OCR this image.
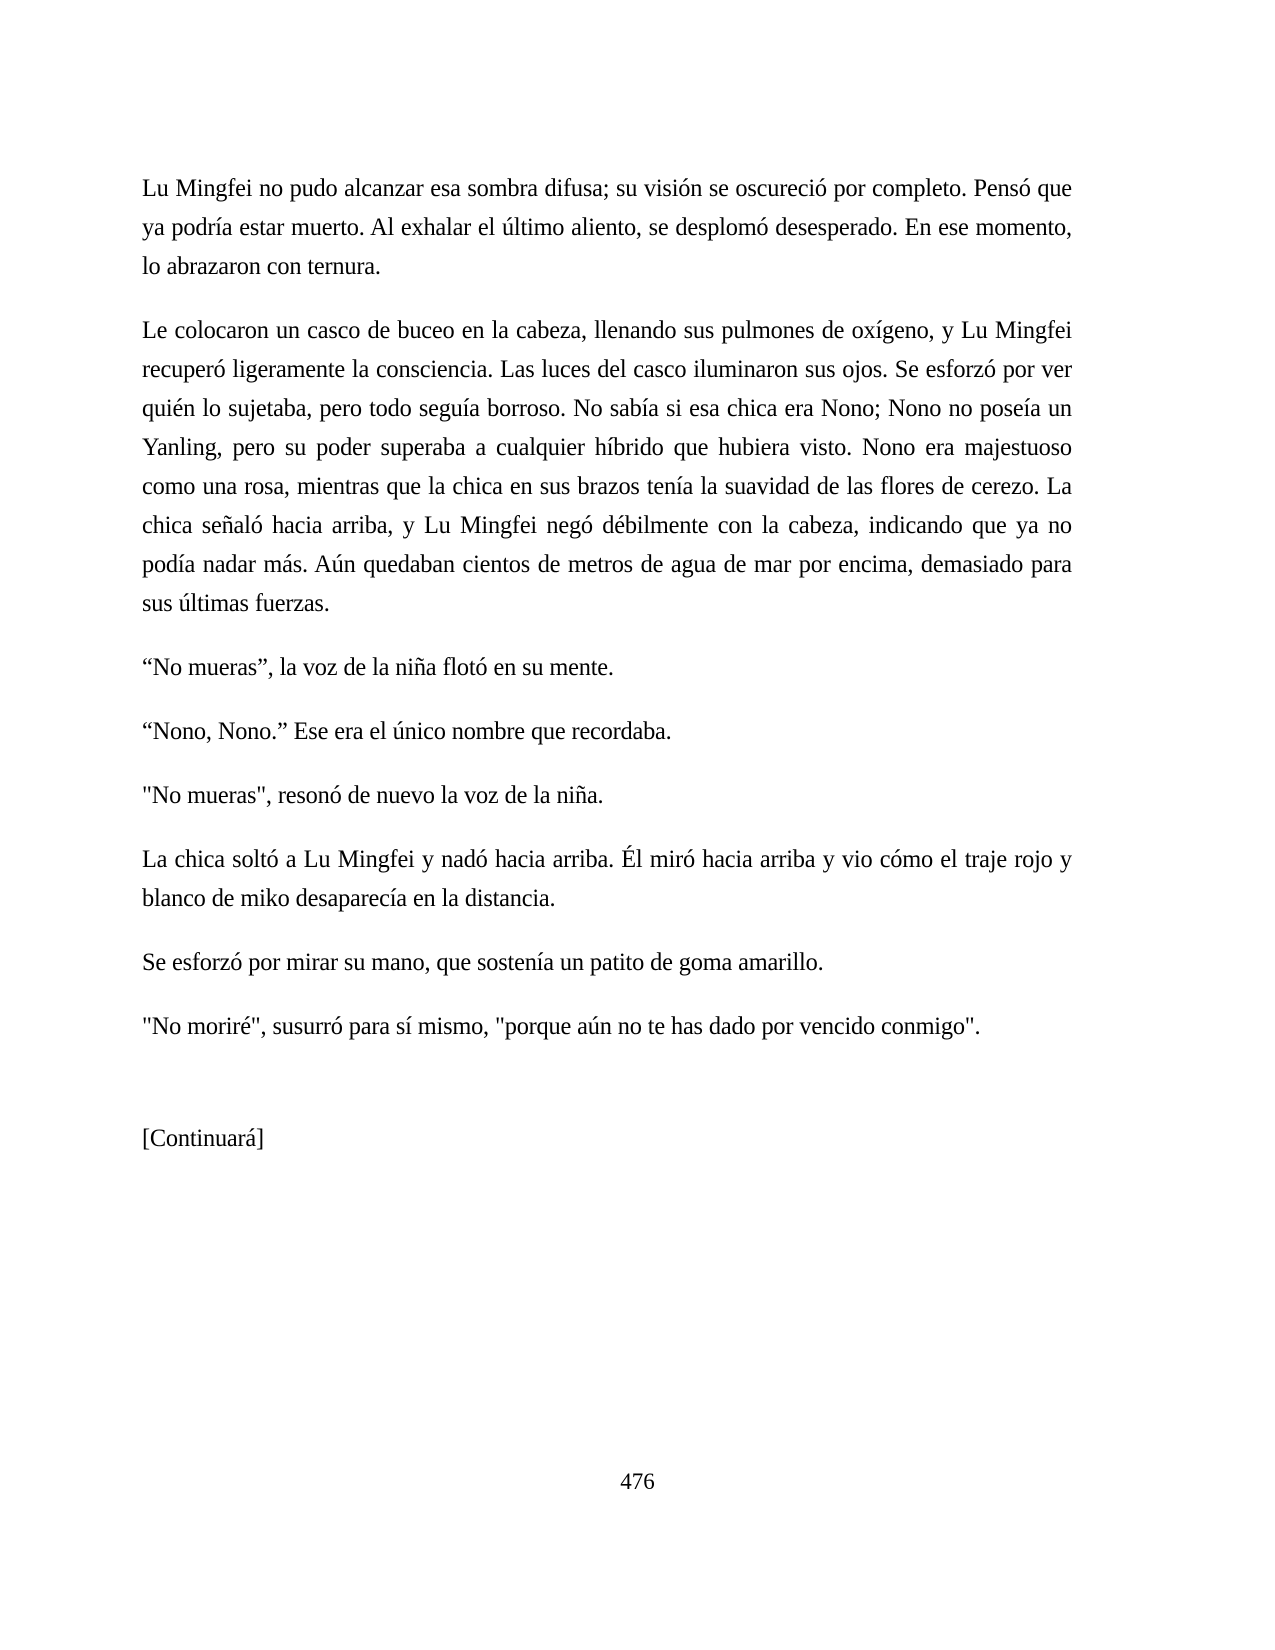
Lu Mingfei no pudo alcanzar esa sombra difusa; su visión se oscureció por completo. Pensó que ya podría estar muerto. Al exhalar el último aliento, se desplomó desesperado. En ese momento, lo abrazaron con ternura.

Le colocaron un casco de buceo en la cabeza, llenando sus pulmones de oxígeno, y Lu Mingfei recuperó ligeramente la consciencia. Las luces del casco iluminaron sus ojos. Se esforzó por ver quién lo sujetaba, pero todo seguía borroso. No sabía si esa chica era Nono; Nono no poseía un Yanling, pero su poder superaba a cualquier híbrido que hubiera visto. Nono era majestuoso como una rosa, mientras que la chica en sus brazos tenía la suavidad de las flores de cerezo. La chica señaló hacia arriba, y Lu Mingfei negó débilmente con la cabeza, indicando que ya no podía nadar más. Aún quedaban cientos de metros de agua de mar por encima, demasiado para sus últimas fuerzas.

“No mueras”, la voz de la niña flotó en su mente.

“Nono, Nono.” Ese era el único nombre que recordaba.

"No mueras", resonó de nuevo la voz de la niña.

La chica soltó a Lu Mingfei y nadó hacia arriba. Él miró hacia arriba y vio cómo el traje rojo y blanco de miko desaparecía en la distancia.

Se esforzó por mirar su mano, que sostenía un patito de goma amarillo.

"No moriré", susurró para sí mismo, "porque aún no te has dado por vencido conmigo".

[Continuará]
476
